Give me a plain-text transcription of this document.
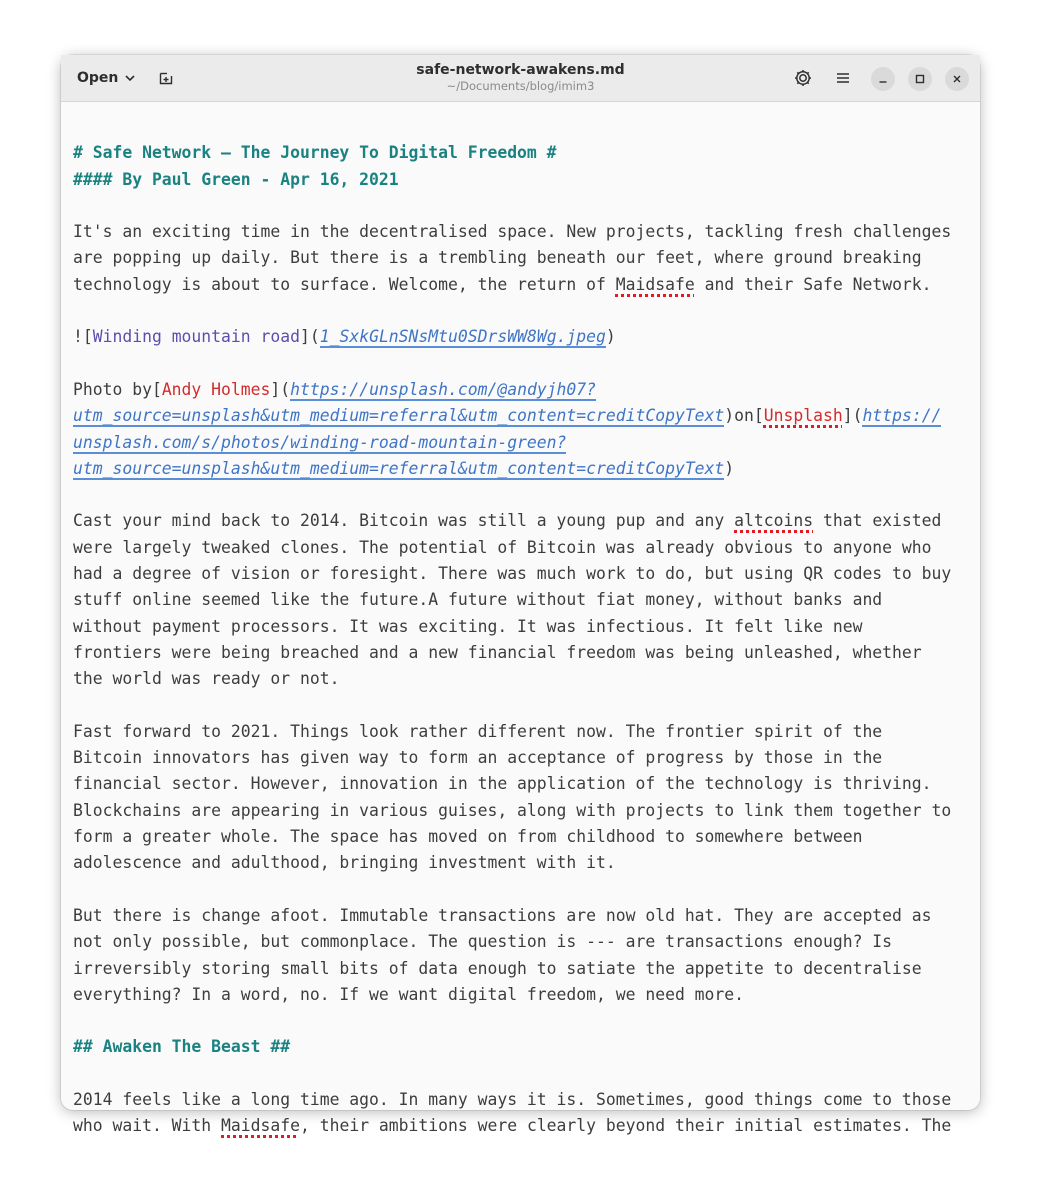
Open	safe-network-awakens.md
~/Documents/blog/imim3

# Safe Network — The Journey To Digital Freedom #
#### By Paul Green - Apr 16, 2021
It's an exciting time in the decentralised space. New projects, tackling fresh challenges
are popping up daily. But there is a trembling beneath our feet, where ground breaking
technology is about to surface. Welcome, the return of Maidsafe and their Safe Network.
![Winding mountain road](1_SxkGLnSNsMtu0SDrsWW8Wg.jpeg)
Photo by[Andy Holmes](https://unsplash.com/@andyjh07?
utm_source=unsplash&utm_medium=referral&utm_content=creditCopyText)on[Unsplash](https://
unsplash.com/s/photos/winding-road-mountain-green?
utm_source=unsplash&utm_medium=referral&utm_content=creditCopyText)
Cast your mind back to 2014. Bitcoin was still a young pup and any altcoins that existed
were largely tweaked clones. The potential of Bitcoin was already obvious to anyone who
had a degree of vision or foresight. There was much work to do, but using QR codes to buy
stuff online seemed like the future.A future without fiat money, without banks and
without payment processors. It was exciting. It was infectious. It felt like new
frontiers were being breached and a new financial freedom was being unleashed, whether
the world was ready or not.
Fast forward to 2021. Things look rather different now. The frontier spirit of the
Bitcoin innovators has given way to form an acceptance of progress by those in the
financial sector. However, innovation in the application of the technology is thriving.
Blockchains are appearing in various guises, along with projects to link them together to
form a greater whole. The space has moved on from childhood to somewhere between
adolescence and adulthood, bringing investment with it.
But there is change afoot. Immutable transactions are now old hat. They are accepted as
not only possible, but commonplace. The question is --- are transactions enough? Is
irreversibly storing small bits of data enough to satiate the appetite to decentralise
everything? In a word, no. If we want digital freedom, we need more.
## Awaken The Beast ##
2014 feels like a long time ago. In many ways it is. Sometimes, good things come to those
who wait. With Maidsafe, their ambitions were clearly beyond their initial estimates. The
